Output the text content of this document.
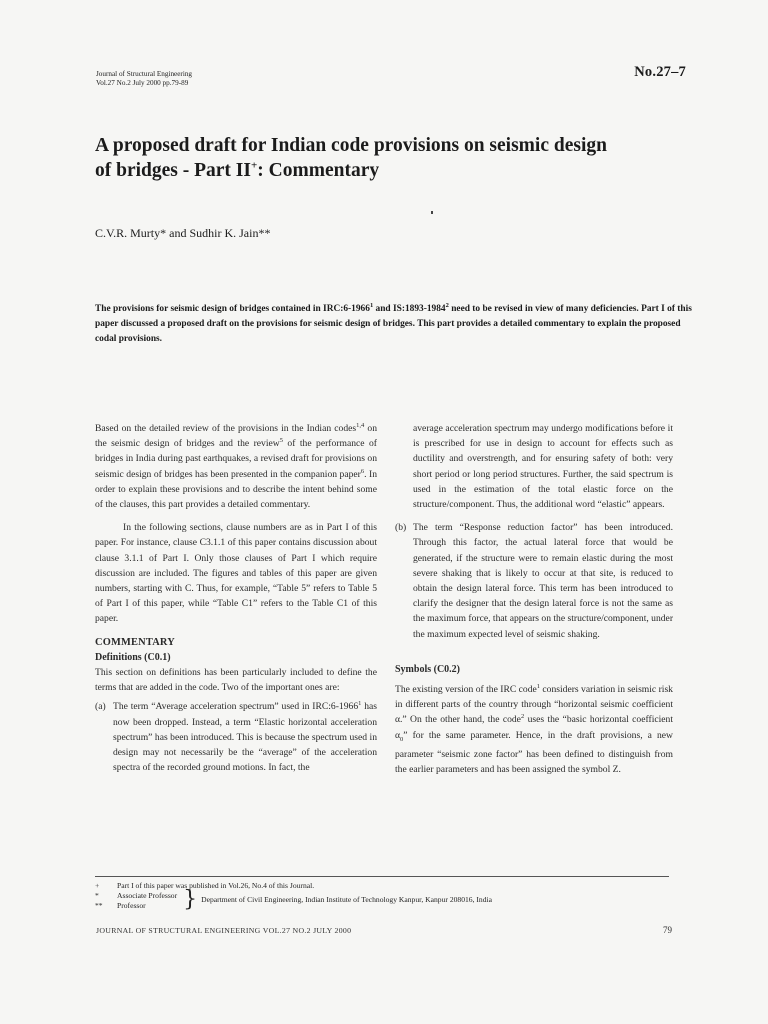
Journal of Structural Engineering
Vol.27 No.2 July 2000 pp.79-89
No.27–7
A proposed draft for Indian code provisions on seismic design
of bridges - Part II+: Commentary
C.V.R. Murty* and Sudhir K. Jain**
The provisions for seismic design of bridges contained in IRC:6-1966$^1$ and IS:1893-1984$^2$ need to be revised in view of many deficiencies. Part I of this paper discussed a proposed draft on the provisions for seismic design of bridges. This part provides a detailed commentary to explain the proposed codal provisions.

Based on the detailed review of the provisions in the Indian codes$^{1,4}$ on the seismic design of bridges and the review$^5$ of the performance of bridges in India during past earthquakes, a revised draft for provisions on seismic design of bridges has been presented in the companion paper$^6$. In order to explain these provisions and to describe the intent behind some of the clauses, this part provides a detailed commentary.

In the following sections, clause numbers are as in Part I of this paper. For instance, clause C3.1.1 of this paper contains discussion about clause 3.1.1 of Part I. Only those clauses of Part I which require discussion are included. The figures and tables of this paper are given numbers, starting with C. Thus, for example, “Table 5” refers to Table 5 of Part I of this paper, while “Table C1” refers to the Table C1 of this paper.

COMMENTARY

Definitions (C0.1)

This section on definitions has been particularly included to define the terms that are added in the code. Two of the important ones are:

(a) The term “Average acceleration spectrum” used in IRC:6-1966$^1$ has now been dropped. Instead, a term “Elastic horizontal acceleration spectrum” has been introduced. This is because the spectrum used in design may not necessarily be the “average” of the acceleration spectra of the recorded ground motions. In fact, the

average acceleration spectrum may undergo modifications before it is prescribed for use in design to account for effects such as ductility and overstrength, and for ensuring safety of both: very short period or long period structures. Further, the said spectrum is used in the estimation of the total elastic force on the structure/component. Thus, the additional word “elastic” appears.

(b) The term “Response reduction factor” has been introduced. Through this factor, the actual lateral force that would be generated, if the structure were to remain elastic during the most severe shaking that is likely to occur at that site, is reduced to obtain the design lateral force. This term has been introduced to clarify the designer that the design lateral force is not the same as the maximum force, that appears on the structure/component, under the maximum expected level of seismic shaking.

Symbols (C0.2)

The existing version of the IRC code$^1$ considers variation in seismic risk in different parts of the country through “horizontal seismic coefficient α.” On the other hand, the code$^2$ uses the “basic horizontal coefficient $\alpha_0$” for the same parameter. Hence, in the draft provisions, a new parameter “seismic zone factor” has been defined to distinguish from the earlier parameters and has been assigned the symbol Z.

+	Part I of this paper was published in Vol.26, No.4 of this Journal.
*	Associate Professor
**	Professor } Department of Civil Engineering, Indian Institute of Technology Kanpur, Kanpur 208016, India
JOURNAL OF STRUCTURAL ENGINEERING VOL.27 NO.2 JULY 2000	79
